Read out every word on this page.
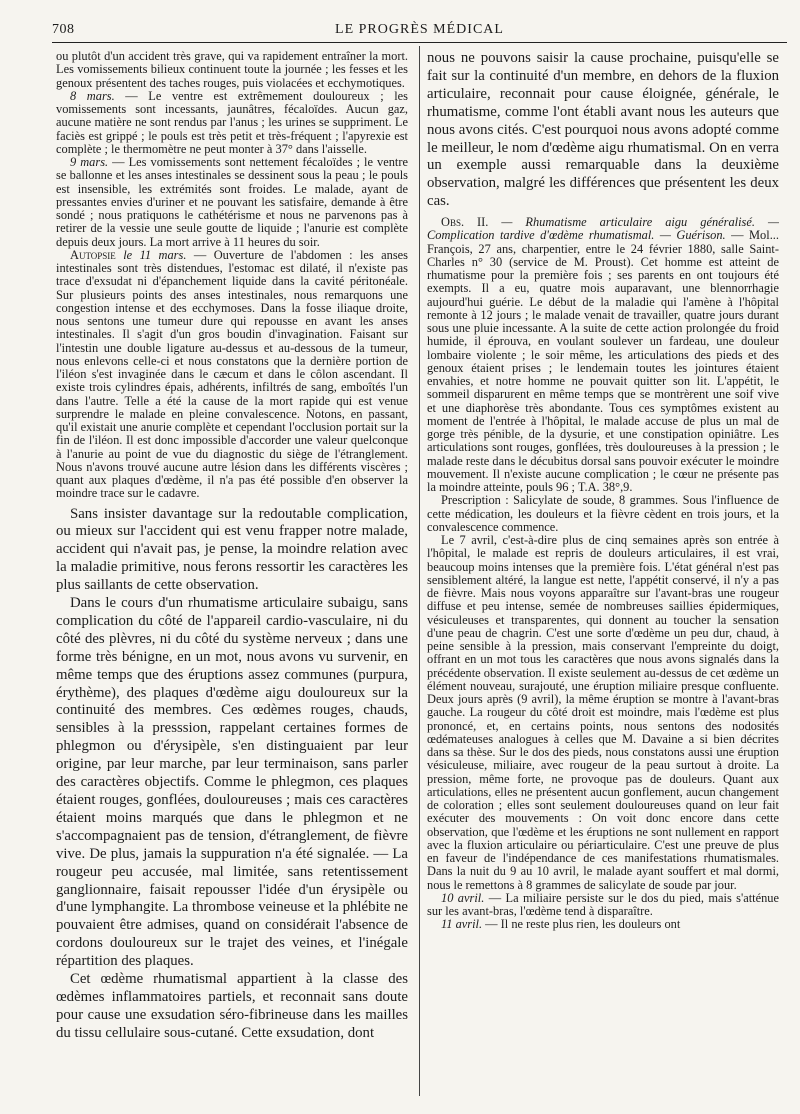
708	LE PROGRÈS MÉDICAL

ou plutôt d'un accident très grave, qui va rapidement entraîner la mort. Les vomissements bilieux continuent toute la journée ; les fesses et les genoux présentent des taches rouges, puis violacées et ecchymotiques.

8 mars. — Le ventre est extrêmement douloureux ; les vomissements sont incessants, jaunâtres, fécaloïdes. Aucun gaz, aucune matière ne sont rendus par l'anus ; les urines se suppriment. Le faciès est grippé ; le pouls est très petit et très-fréquent ; l'apyrexie est complète ; le thermomètre ne peut monter à 37° dans l'aisselle.

9 mars. — Les vomissements sont nettement fécaloïdes ; le ventre se ballonne et les anses intestinales se dessinent sous la peau ; le pouls est insensible, les extrémités sont froides. Le malade, ayant de pressantes envies d'uriner et ne pouvant les satisfaire, demande à être sondé ; nous pratiquons le cathétérisme et nous ne parvenons pas à retirer de la vessie une seule goutte de liquide ; l'anurie est complète depuis deux jours. La mort arrive à 11 heures du soir.

Autopsie le 11 mars. — Ouverture de l'abdomen : les anses intestinales sont très distendues, l'estomac est dilaté, il n'existe pas trace d'exsudat ni d'épanchement liquide dans la cavité péritonéale. Sur plusieurs points des anses intestinales, nous remarquons une congestion intense et des ecchymoses. Dans la fosse iliaque droite, nous sentons une tumeur dure qui repousse en avant les anses intestinales. Il s'agit d'un gros boudin d'invagination. Faisant sur l'intestin une double ligature au-dessus et au-dessous de la tumeur, nous enlevons celle-ci et nous constatons que la dernière portion de l'iléon s'est invaginée dans le cæcum et dans le côlon ascendant. Il existe trois cylindres épais, adhérents, infiltrés de sang, emboîtés l'un dans l'autre. Telle a été la cause de la mort rapide qui est venue surprendre le malade en pleine convalescence. Notons, en passant, qu'il existait une anurie complète et cependant l'occlusion portait sur la fin de l'iléon. Il est donc impossible d'accorder une valeur quelconque à l'anurie au point de vue du diagnostic du siège de l'étranglement. Nous n'avons trouvé aucune autre lésion dans les différents viscères ; quant aux plaques d'œdème, il n'a pas été possible d'en observer la moindre trace sur le cadavre.

Sans insister davantage sur la redoutable complication, ou mieux sur l'accident qui est venu frapper notre malade, accident qui n'avait pas, je pense, la moindre relation avec la maladie primitive, nous ferons ressortir les caractères les plus saillants de cette observation.

Dans le cours d'un rhumatisme articulaire subaigu, sans complication du côté de l'appareil cardio-vasculaire, ni du côté des plèvres, ni du côté du système nerveux ; dans une forme très bénigne, en un mot, nous avons vu survenir, en même temps que des éruptions assez communes (purpura, érythème), des plaques d'œdème aigu douloureux sur la continuité des membres. Ces œdèmes rouges, chauds, sensibles à la presssion, rappelant certaines formes de phlegmon ou d'érysipèle, s'en distinguaient par leur origine, par leur marche, par leur terminaison, sans parler des caractères objectifs. Comme le phlegmon, ces plaques étaient rouges, gonflées, douloureuses ; mais ces caractères étaient moins marqués que dans le phlegmon et ne s'accompagnaient pas de tension, d'étranglement, de fièvre vive. De plus, jamais la suppuration n'a été signalée. — La rougeur peu accusée, mal limitée, sans retentissement ganglionnaire, faisait repousser l'idée d'un érysipèle ou d'une lymphangite. La thrombose veineuse et la phlébite ne pouvaient être admises, quand on considérait l'absence de cordons douloureux sur le trajet des veines, et l'inégale répartition des plaques.

Cet œdème rhumatismal appartient à la classe des œdèmes inflammatoires partiels, et reconnait sans doute pour cause une exsudation séro-fibrineuse dans les mailles du tissu cellulaire sous-cutané. Cette exsudation, dont

nous ne pouvons saisir la cause prochaine, puisqu'elle se fait sur la continuité d'un membre, en dehors de la fluxion articulaire, reconnait pour cause éloignée, générale, le rhumatisme, comme l'ont établi avant nous les auteurs que nous avons cités. C'est pourquoi nous avons adopté comme le meilleur, le nom d'œdème aigu rhumatismal. On en verra un exemple aussi remarquable dans la deuxième observation, malgré les différences que présentent les deux cas.

Obs. II. — Rhumatisme articulaire aigu généralisé. — Complication tardive d'œdème rhumatismal. — Guérison. — Mol... François, 27 ans, charpentier, entre le 24 février 1880, salle Saint-Charles n° 30 (service de M. Proust). Cet homme est atteint de rhumatisme pour la première fois ; ses parents en ont toujours été exempts. Il a eu, quatre mois auparavant, une blennorrhagie aujourd'hui guérie. Le début de la maladie qui l'amène à l'hôpital remonte à 12 jours ; le malade venait de travailler, quatre jours durant sous une pluie incessante. A la suite de cette action prolongée du froid humide, il éprouva, en voulant soulever un fardeau, une douleur lombaire violente ; le soir même, les articulations des pieds et des genoux étaient prises ; le lendemain toutes les jointures étaient envahies, et notre homme ne pouvait quitter son lit. L'appétit, le sommeil disparurent en même temps que se montrèrent une soif vive et une diaphorèse très abondante. Tous ces symptômes existent au moment de l'entrée à l'hôpital, le malade accuse de plus un mal de gorge très pénible, de la dysurie, et une constipation opiniâtre. Les articulations sont rouges, gonflées, très douloureuses à la pression ; le malade reste dans le décubitus dorsal sans pouvoir exécuter le moindre mouvement. Il n'existe aucune complication ; le cœur ne présente pas la moindre atteinte, pouls 96 ; T.A. 38°,9.

Prescription : Salicylate de soude, 8 grammes. Sous l'influence de cette médication, les douleurs et la fièvre cèdent en trois jours, et la convalescence commence.

Le 7 avril, c'est-à-dire plus de cinq semaines après son entrée à l'hôpital, le malade est repris de douleurs articulaires, il est vrai, beaucoup moins intenses que la première fois. L'état général n'est pas sensiblement altéré, la langue est nette, l'appétit conservé, il n'y a pas de fièvre. Mais nous voyons apparaître sur l'avant-bras une rougeur diffuse et peu intense, semée de nombreuses saillies épidermiques, vésiculeuses et transparentes, qui donnent au toucher la sensation d'une peau de chagrin. C'est une sorte d'œdème un peu dur, chaud, à peine sensible à la pression, mais conservant l'empreinte du doigt, offrant en un mot tous les caractères que nous avons signalés dans la précédente observation. Il existe seulement au-dessus de cet œdème un élément nouveau, surajouté, une éruption miliaire presque confluente. Deux jours après (9 avril), la même éruption se montre à l'avant-bras gauche. La rougeur du côté droit est moindre, mais l'œdème est plus prononcé, et, en certains points, nous sentons des nodosités œdémateuses analogues à celles que M. Davaine a si bien décrites dans sa thèse. Sur le dos des pieds, nous constatons aussi une éruption vésiculeuse, miliaire, avec rougeur de la peau surtout à droite. La pression, même forte, ne provoque pas de douleurs. Quant aux articulations, elles ne présentent aucun gonflement, aucun changement de coloration ; elles sont seulement douloureuses quand on leur fait exécuter des mouvements : On voit donc encore dans cette observation, que l'œdème et les éruptions ne sont nullement en rapport avec la fluxion articulaire ou périarticulaire. C'est une preuve de plus en faveur de l'indépendance de ces manifestations rhumatismales. Dans la nuit du 9 au 10 avril, le malade ayant souffert et mal dormi, nous le remettons à 8 grammes de salicylate de soude par jour.

10 avril. — La miliaire persiste sur le dos du pied, mais s'atténue sur les avant-bras, l'œdème tend à disparaître.

11 avril. — Il ne reste plus rien, les douleurs ont
